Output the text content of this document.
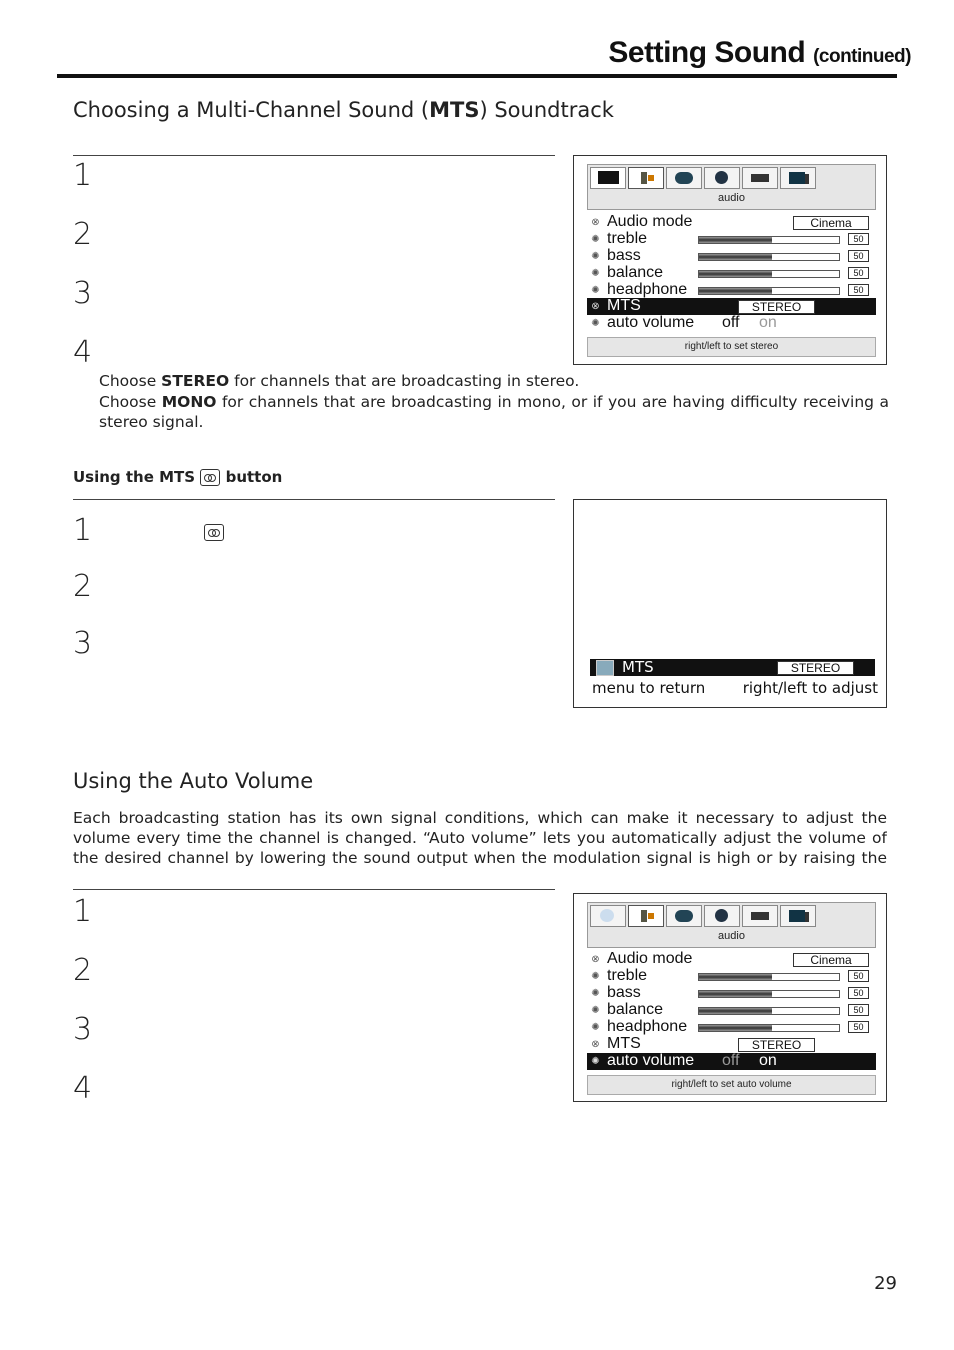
Setting Sound (continued)
Choosing a Multi-Channel Sound (MTS) Soundtrack
1
2
3
4
Choose STEREO for channels that are broadcasting in stereo.
Choose MONO for channels that are broadcasting in mono, or if you are having difficulty receiving a stereo signal.
audio
⊗ Audio mode	Cinema
✺ treble	50
✺ bass	50
✺ balance	50
✺ headphone	50
⊗ MTS	STEREO
✺ auto volume off on
right/left to set stereo
Using the MTS button
1
2
3
MTS	STEREO
menu to return right/left to adjust
Using the Auto Volume
Each broadcasting station has its own signal conditions, which can make it necessary to adjust the volume every time the channel is changed. “Auto volume” lets you automatically adjust the volume of the desired channel by lowering the sound output when the modulation signal is high or by raising the
1
2
3
4
audio
⊗ Audio mode	Cinema
✺ treble	50
✺ bass	50
✺ balance	50
✺ headphone	50
⊗ MTS	STEREO
✺ auto volume off on
right/left to set auto volume
29
